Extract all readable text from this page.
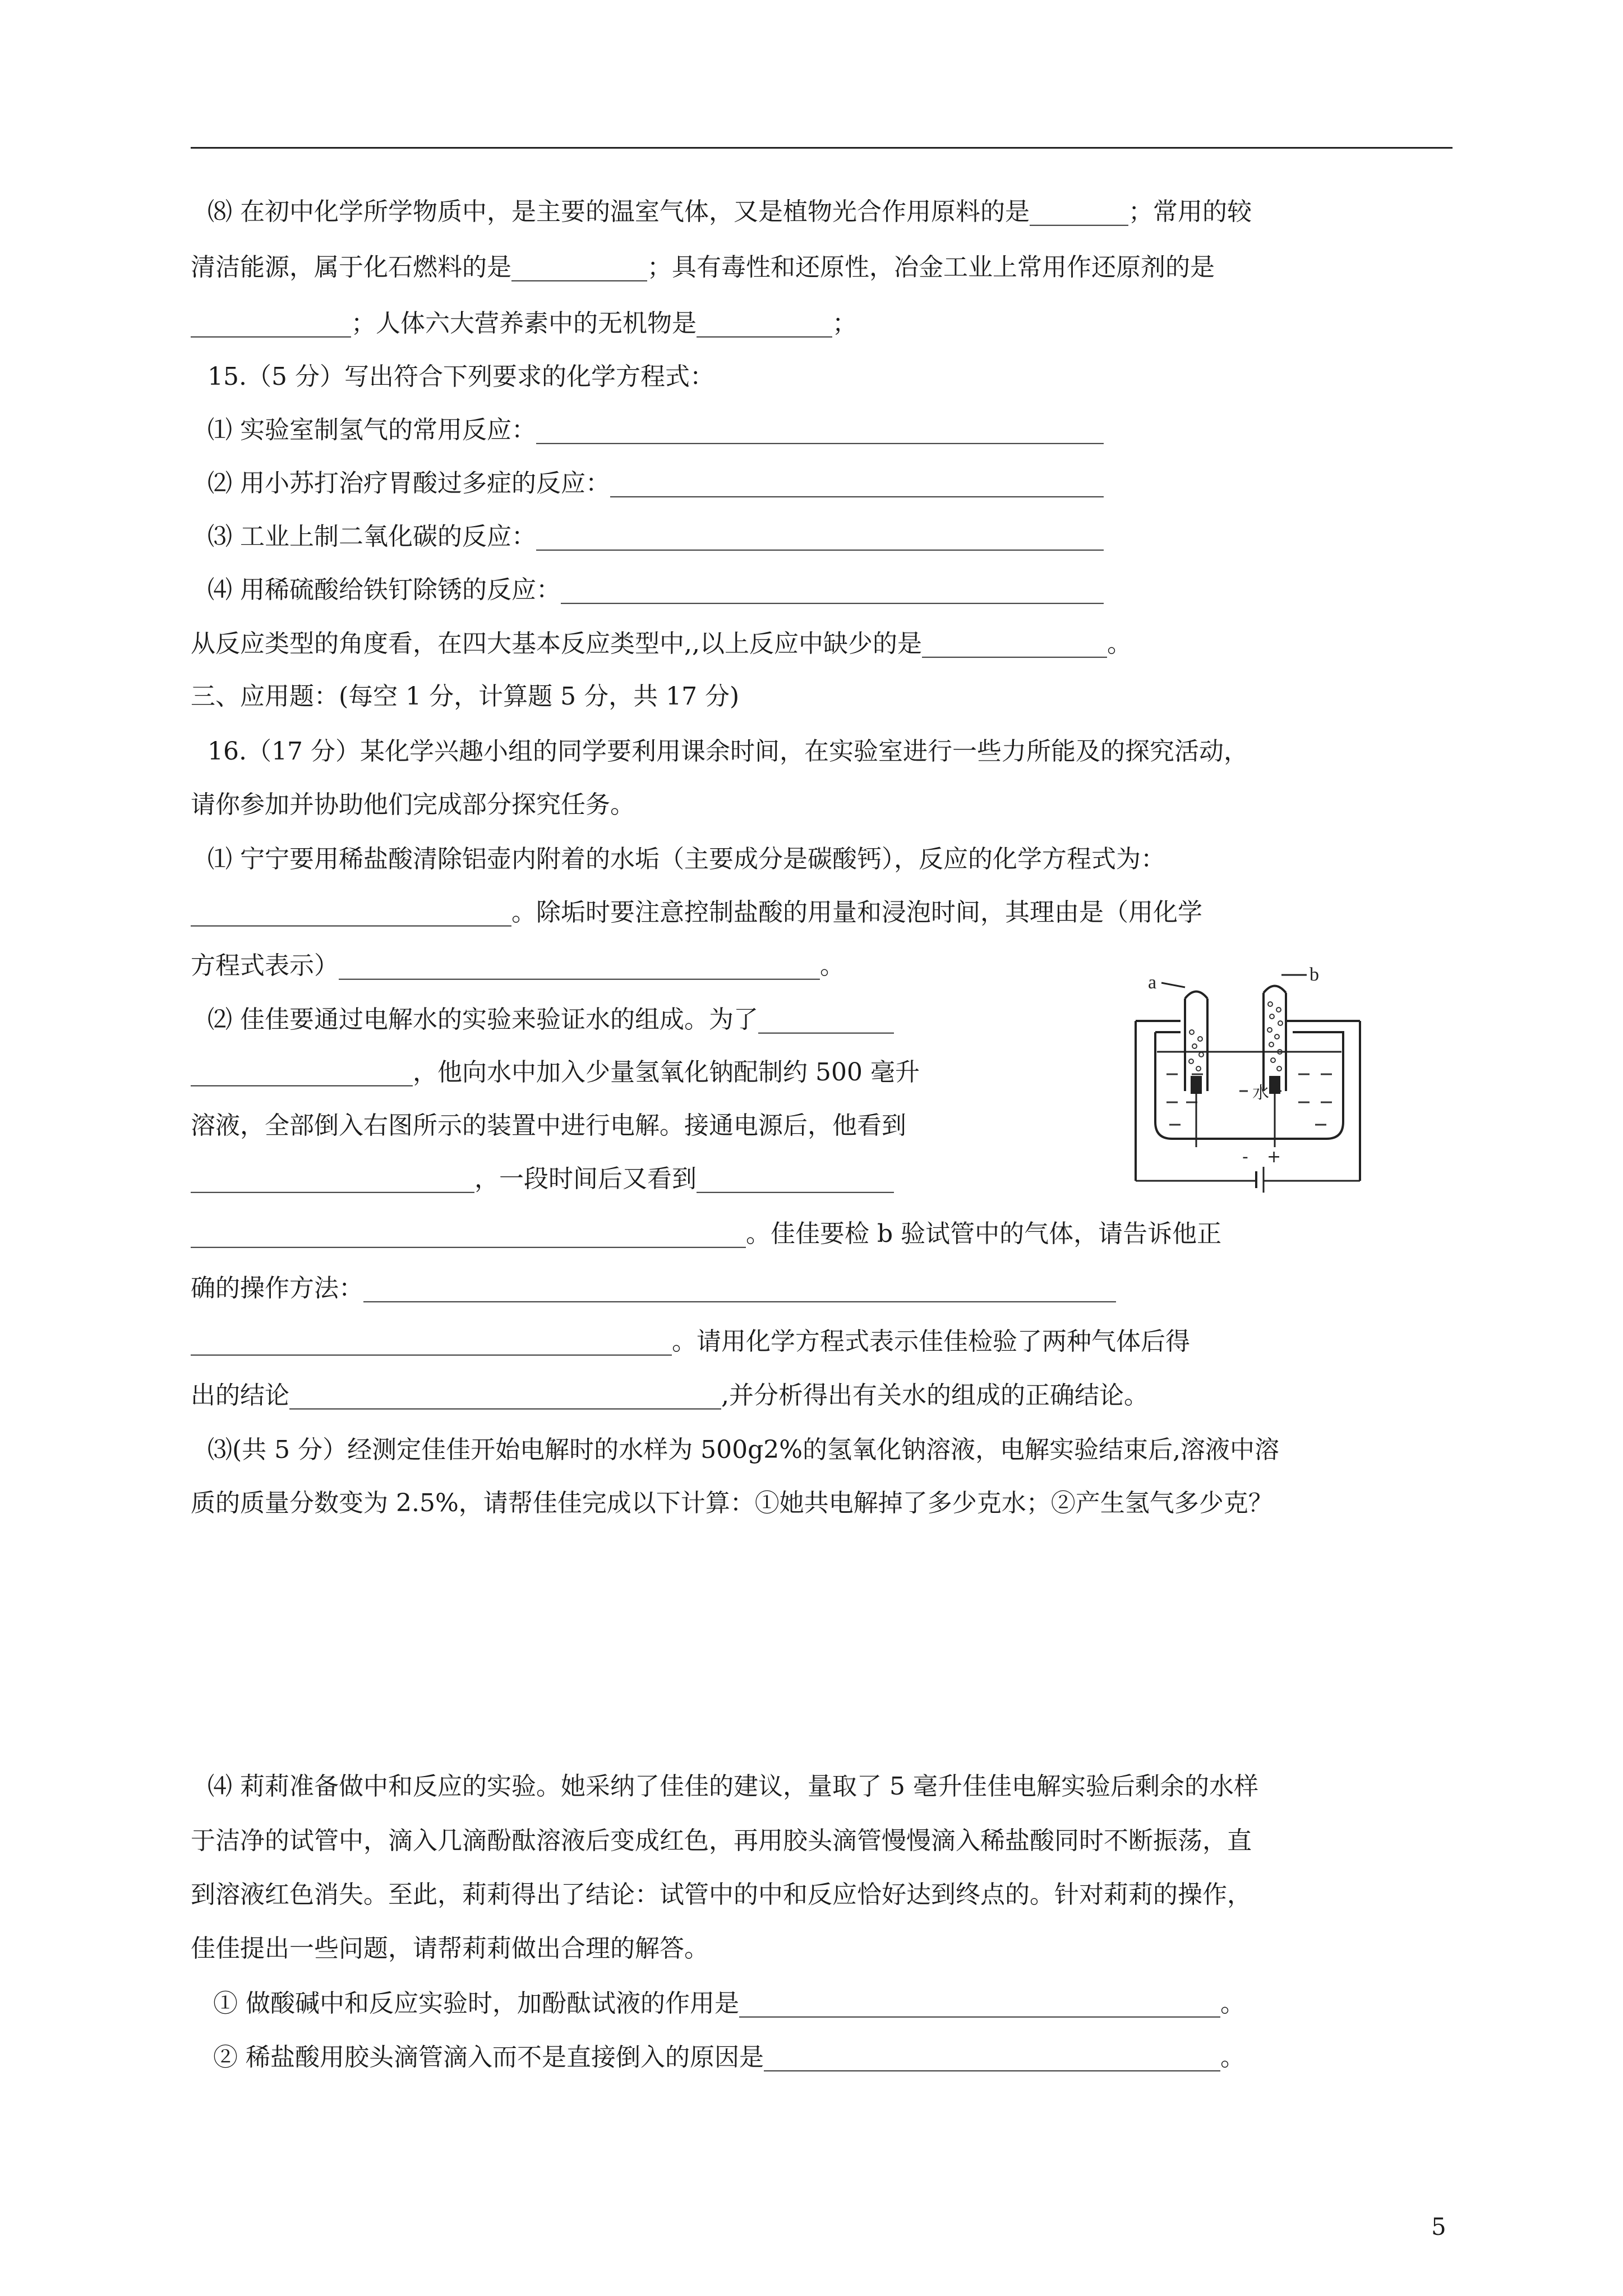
⑻ 在初中化学所学物质中，是主要的温室气体，又是植物光合作用原料的是________；常用的较
清洁能源，属于化石燃料的是___________；具有毒性和还原性，冶金工业上常用作还原剂的是
_____________；人体六大营养素中的无机物是___________；
15.（5 分）写出符合下列要求的化学方程式：
⑴ 实验室制氢气的常用反应：______________________________________________
⑵ 用小苏打治疗胃酸过多症的反应：________________________________________
⑶ 工业上制二氧化碳的反应：______________________________________________
⑷ 用稀硫酸给铁钉除锈的反应：____________________________________________
从反应类型的角度看，在四大基本反应类型中,,以上反应中缺少的是_______________。
三、应用题：(每空 1 分，计算题 5 分，共 17 分)
16.（17 分）某化学兴趣小组的同学要利用课余时间，在实验室进行一些力所能及的探究活动，
请你参加并协助他们完成部分探究任务。
⑴ 宁宁要用稀盐酸清除铝壶内附着的水垢（主要成分是碳酸钙），反应的化学方程式为：
__________________________。除垢时要注意控制盐酸的用量和浸泡时间，其理由是（用化学
方程式表示）_______________________________________。
⑵ 佳佳要通过电解水的实验来验证水的组成。为了___________
__________________，他向水中加入少量氢氧化钠配制约 500 毫升
溶液，全部倒入右图所示的装置中进行电解。接通电源后，他看到
_______________________，一段时间后又看到________________
_____________________________________________。佳佳要检 b 验试管中的气体，请告诉他正
确的操作方法：_____________________________________________________________
_______________________________________。请用化学方程式表示佳佳检验了两种气体后得
出的结论___________________________________,并分析得出有关水的组成的正确结论。
⑶(共 5 分）经测定佳佳开始电解时的水样为 500g2%的氢氧化钠溶液，电解实验结束后,溶液中溶
质的质量分数变为 2.5%，请帮佳佳完成以下计算：①她共电解掉了多少克水；②产生氢气多少克？
⑷ 莉莉准备做中和反应的实验。她采纳了佳佳的建议，量取了 5 毫升佳佳电解实验后剩余的水样
于洁净的试管中，滴入几滴酚酞溶液后变成红色，再用胶头滴管慢慢滴入稀盐酸同时不断振荡，直
到溶液红色消失。至此，莉莉得出了结论：试管中的中和反应恰好达到终点的。针对莉莉的操作，
佳佳提出一些问题，请帮莉莉做出合理的解答。
① 做酸碱中和反应实验时，加酚酞试液的作用是_______________________________________。
② 稀盐酸用胶头滴管滴入而不是直接倒入的原因是_____________________________________。
a	b
水
- +
5
